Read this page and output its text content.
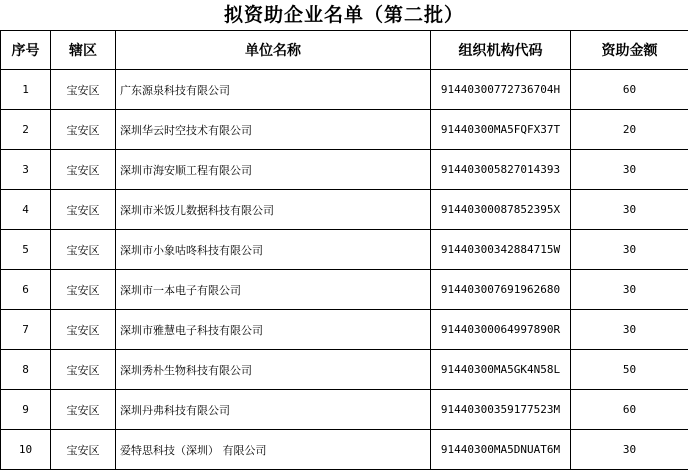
拟资助企业名单（第二批）
序号	辖区	单位名称	组织机构代码	资助金额
1	宝安区	广东源泉科技有限公司	91440300772736704H	60
2	宝安区	深圳华云时空技术有限公司	91440300MA5FQFX37T	20
3	宝安区	深圳市海安顺工程有限公司	914403005827014393	30
4	宝安区	深圳市米饭儿数据科技有限公司	91440300087852395X	30
5	宝安区	深圳市小象咕咚科技有限公司	91440300342884715W	30
6	宝安区	深圳市一本电子有限公司	914403007691962680	30
7	宝安区	深圳市雅慧电子科技有限公司	91440300064997890R	30
8	宝安区	深圳秀朴生物科技有限公司	91440300MA5GK4N58L	50
9	宝安区	深圳丹弗科技有限公司	91440300359177523M	60
10	宝安区	爱特思科技（深圳） 有限公司	91440300MA5DNUAT6M	30
